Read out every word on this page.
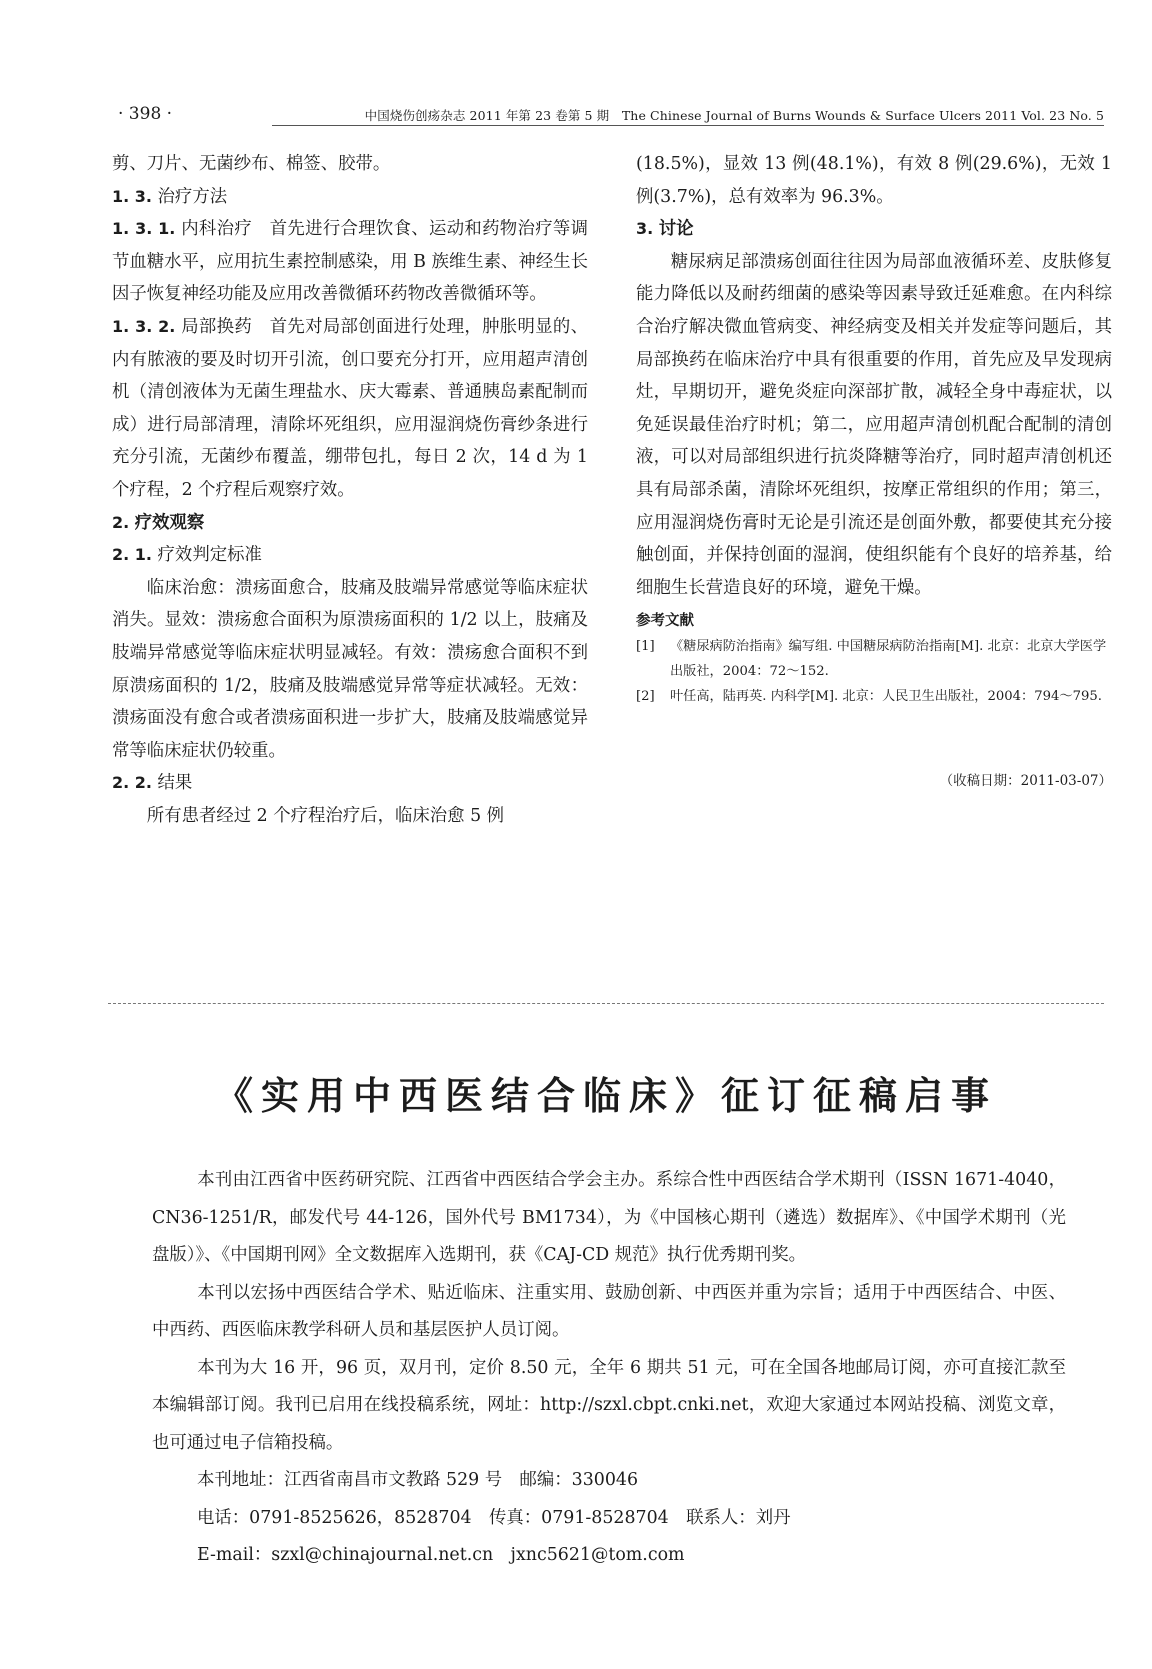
· 398 ·	中国烧伤创疡杂志 2011 年第 23 卷第 5 期　The Chinese Journal of Burns Wounds & Surface Ulcers 2011 Vol. 23 No. 5

剪、刀片、无菌纱布、棉签、胶带。

1. 3. 治疗方法

1. 3. 1. 内科治疗　 首先进行合理饮食、运动和药物治疗等调节血糖水平，应用抗生素控制感染，用 B 族维生素、神经生长因子恢复神经功能及应用改善微循环药物改善微循环等。

1. 3. 2. 局部换药　 首先对局部创面进行处理，肿胀明显的、内有脓液的要及时切开引流，创口要充分打开，应用超声清创机（清创液体为无菌生理盐水、庆大霉素、普通胰岛素配制而成）进行局部清理，清除坏死组织，应用湿润烧伤膏纱条进行充分引流，无菌纱布覆盖，绷带包扎，每日 2 次，14 d 为 1 个疗程，2 个疗程后观察疗效。

2. 疗效观察

2. 1. 疗效判定标准

临床治愈：溃疡面愈合，肢痛及肢端异常感觉等临床症状消失。显效：溃疡愈合面积为原溃疡面积的 1/2 以上，肢痛及肢端异常感觉等临床症状明显减轻。有效：溃疡愈合面积不到原溃疡面积的 1/2，肢痛及肢端感觉异常等症状减轻。无效：溃疡面没有愈合或者溃疡面积进一步扩大，肢痛及肢端感觉异常等临床症状仍较重。

2. 2. 结果

所有患者经过 2 个疗程治疗后，临床治愈 5 例

(18.5%)，显效 13 例(48.1%)，有效 8 例(29.6%)，无效 1 例(3.7%)，总有效率为 96.3%。

3. 讨论

糖尿病足部溃疡创面往往因为局部血液循环差、皮肤修复能力降低以及耐药细菌的感染等因素导致迁延难愈。在内科综合治疗解决微血管病变、神经病变及相关并发症等问题后，其局部换药在临床治疗中具有很重要的作用，首先应及早发现病灶，早期切开，避免炎症向深部扩散，减轻全身中毒症状，以免延误最佳治疗时机；第二，应用超声清创机配合配制的清创液，可以对局部组织进行抗炎降糖等治疗，同时超声清创机还具有局部杀菌，清除坏死组织，按摩正常组织的作用；第三，应用湿润烧伤膏时无论是引流还是创面外敷，都要使其充分接触创面，并保持创面的湿润，使组织能有个良好的培养基，给细胞生长营造良好的环境，避免干燥。

参考文献

[1]	《糖尿病防治指南》编写组. 中国糖尿病防治指南[M]. 北京：北京大学医学出版社，2004：72～152.
[2]	叶任高，陆再英. 内科学[M]. 北京：人民卫生出版社，2004：794～795.

（收稿日期：2011-03-07）

《实用中西医结合临床》征订征稿启事

本刊由江西省中医药研究院、江西省中西医结合学会主办。系综合性中西医结合学术期刊（ISSN 1671-4040，CN36-1251/R，邮发代号 44-126，国外代号 BM1734），为《中国核心期刊（遴选）数据库》、《中国学术期刊（光盘版）》、《中国期刊网》全文数据库入选期刊，获《CAJ-CD 规范》执行优秀期刊奖。

本刊以宏扬中西医结合学术、贴近临床、注重实用、鼓励创新、中西医并重为宗旨；适用于中西医结合、中医、中西药、西医临床教学科研人员和基层医护人员订阅。

本刊为大 16 开，96 页，双月刊，定价 8.50 元，全年 6 期共 51 元，可在全国各地邮局订阅，亦可直接汇款至本编辑部订阅。我刊已启用在线投稿系统，网址：http://szxl.cbpt.cnki.net，欢迎大家通过本网站投稿、浏览文章，也可通过电子信箱投稿。

本刊地址：江西省南昌市文教路 529 号　邮编：330046

电话：0791-8525626，8528704　传真：0791-8528704　联系人：刘丹

E-mail：szxl@chinajournal.net.cn　jxnc5621@tom.com
